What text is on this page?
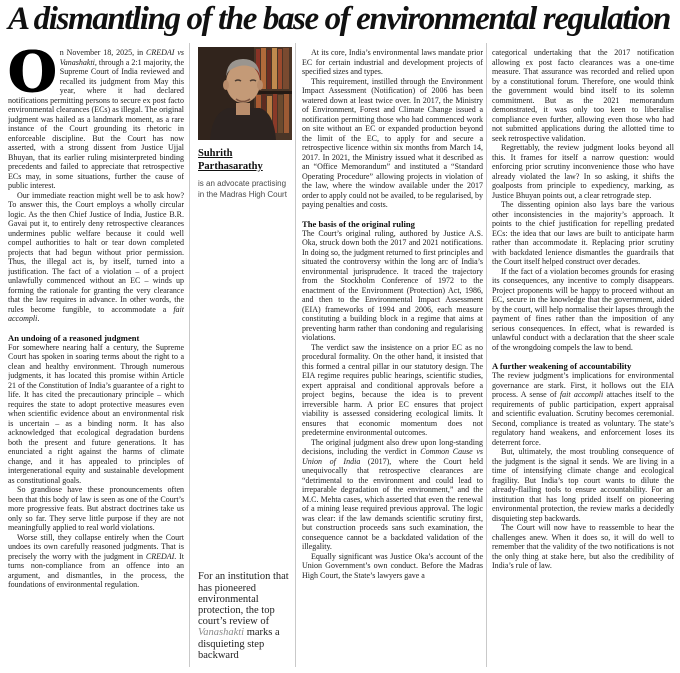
A dismantling of the base of environmental regulation

On November 18, 2025, in CREDAI vs Vanashakti, through a 2:1 majority, the Supreme Court of India reviewed and recalled its judgment from May this year, where it had declared notifications permitting persons to secure ex post facto environmental clearances (ECs) as illegal. The original judgment was hailed as a landmark moment, as a rare instance of the Court grounding its rhetoric in enforceable discipline. But the Court has now asserted, with a strong dissent from Justice Ujjal Bhuyan, that its earlier ruling misinterpreted binding precedents and failed to appreciate that retrospective ECs may, in some situations, further the cause of public interest.

Our immediate reaction might well be to ask how? To answer this, the Court employs a wholly circular logic. As the then Chief Justice of India, Justice B.R. Gavai put it, to entirely deny retrospective clearances undermines public welfare because it could well compel authorities to halt or tear down completed projects that had begun without prior permission. Thus, the illegal act is, by itself, turned into a justification. The fact of a violation – of a project unlawfully commenced without an EC – winds up forming the rationale for granting the very clearance that the law requires in advance. In other words, the rules become fungible, to accommodate a fait accompli.

An undoing of a reasoned judgment

For somewhere nearing half a century, the Supreme Court has spoken in soaring terms about the right to a clean and healthy environment. Through numerous judgments, it has located this promise within Article 21 of the Constitution of India’s guarantee of a right to life. It has cited the precautionary principle – which requires the state to adopt protective measures even when scientific evidence about an environmental risk is uncertain – as a binding norm. It has also acknowledged that ecological degradation burdens both the present and future generations. It has enunciated a right against the harms of climate change, and it has appealed to principles of intergenerational equity and sustainable development as constitutional goals.

So grandiose have these pronouncements often been that this body of law is seen as one of the Court’s more progressive feats. But abstract doctrines take us only so far. They serve little purpose if they are not meaningfully applied to real world violations.

Worse still, they collapse entirely when the Court undoes its own carefully reasoned judgments. That is precisely the worry with the judgment in CREDAI. It turns non-compliance from an offence into an argument, and dismantles, in the process, the foundations of environmental regulation.

Suhrith Parthasarathy
is an advocate practising in the Madras High Court
For an institution that has pioneered environmental protection, the top court’s review of Vanashakti marks a disquieting step backward

At its core, India’s environmental laws mandate prior EC for certain industrial and development projects of specified sizes and types.

This requirement, instilled through the Environment Impact Assessment (Notification) of 2006 has been watered down at least twice over. In 2017, the Ministry of Environment, Forest and Climate Change issued a notification permitting those who had commenced work on site without an EC or expanded production beyond the limit of the EC, to apply for and secure a retrospective licence within six months from March 14, 2017. In 2021, the Ministry issued what it described as an “Office Memorandum” and instituted a “Standard Operating Procedure” allowing projects in violation of the law, where the window available under the 2017 order to apply could not be availed, to be regularised, by paying penalties and costs.

The basis of the original ruling

The Court’s original ruling, authored by Justice A.S. Oka, struck down both the 2017 and 2021 notifications. In doing so, the judgment returned to first principles and situated the controversy within the long arc of India’s environmental jurisprudence. It traced the trajectory from the Stockholm Conference of 1972 to the enactment of the Environment (Protection) Act, 1986, and then to the Environmental Impact Assessment (EIA) frameworks of 1994 and 2006, each measure constituting a building block in a regime that aims at preventing harm rather than condoning and regularising violations.

The verdict saw the insistence on a prior EC as no procedural formality. On the other hand, it insisted that this formed a central pillar in our statutory design. The EIA regime requires public hearings, scientific studies, expert appraisal and conditional approvals before a project begins, because the idea is to prevent irreversible harm. A prior EC ensures that project viability is assessed considering ecological limits. It ensures that economic momentum does not predetermine environmental outcomes.

The original judgment also drew upon long-standing decisions, including the verdict in Common Cause vs Union of India (2017), where the Court held unequivocally that retrospective clearances are “detrimental to the environment and could lead to irreparable degradation of the environment,” and the M.C. Mehta cases, which asserted that even the renewal of a mining lease required previous approval. The logic was clear: if the law demands scientific scrutiny first, but construction proceeds sans such examination, the consequence cannot be a backdated validation of the illegality.

Equally significant was Justice Oka’s account of the Union Government’s own conduct. Before the Madras High Court, the State’s lawyers gave a

categorical undertaking that the 2017 notification allowing ex post facto clearances was a one-time measure. That assurance was recorded and relied upon by a constitutional forum. Therefore, one would think the government would bind itself to its solemn commitment. But as the 2021 memorandum demonstrated, it was only too keen to liberalise compliance even further, allowing even those who had not submitted applications during the allotted time to seek retrospective validation.

Regrettably, the review judgment looks beyond all this. It frames for itself a narrow question: would enforcing prior scrutiny inconvenience those who have already violated the law? In so asking, it shifts the goalposts from principle to expediency, marking, as Justice Bhuyan points out, a clear retrograde step.

The dissenting opinion also lays bare the various other inconsistencies in the majority’s approach. It points to the chief justification for repelling predated ECs: the idea that our laws are built to anticipate harm rather than accommodate it. Replacing prior scrutiny with backdated lenience dismantles the guardrails that the Court itself helped construct over decades.

If the fact of a violation becomes grounds for erasing its consequences, any incentive to comply disappears. Project proponents will be happy to proceed without an EC, secure in the knowledge that the government, aided by the court, will help normalise their lapses through the payment of fines rather than the imposition of any serious consequences. In effect, what is rewarded is unlawful conduct with a declaration that the sheer scale of the wrongdoing compels the law to bend.

A further weakening of accountability

The review judgment’s implications for environmental governance are stark. First, it hollows out the EIA process. A sense of fait accompli attaches itself to the requirements of public participation, expert appraisal and scientific evaluation. Scrutiny becomes ceremonial. Second, compliance is treated as voluntary. The state’s regulatory hand weakens, and enforcement loses its deterrent force.

But, ultimately, the most troubling consequence of the judgment is the signal it sends. We are living in a time of intensifying climate change and ecological fragility. But India’s top court wants to dilute the already-flailing tools to ensure accountability. For an institution that has long prided itself on pioneering environmental protection, the review marks a decidedly disquieting step backwards.

The Court will now have to reassemble to hear the challenges anew. When it does so, it will do well to remember that the validity of the two notifications is not the only thing at stake here, but also the credibility of India’s rule of law.
